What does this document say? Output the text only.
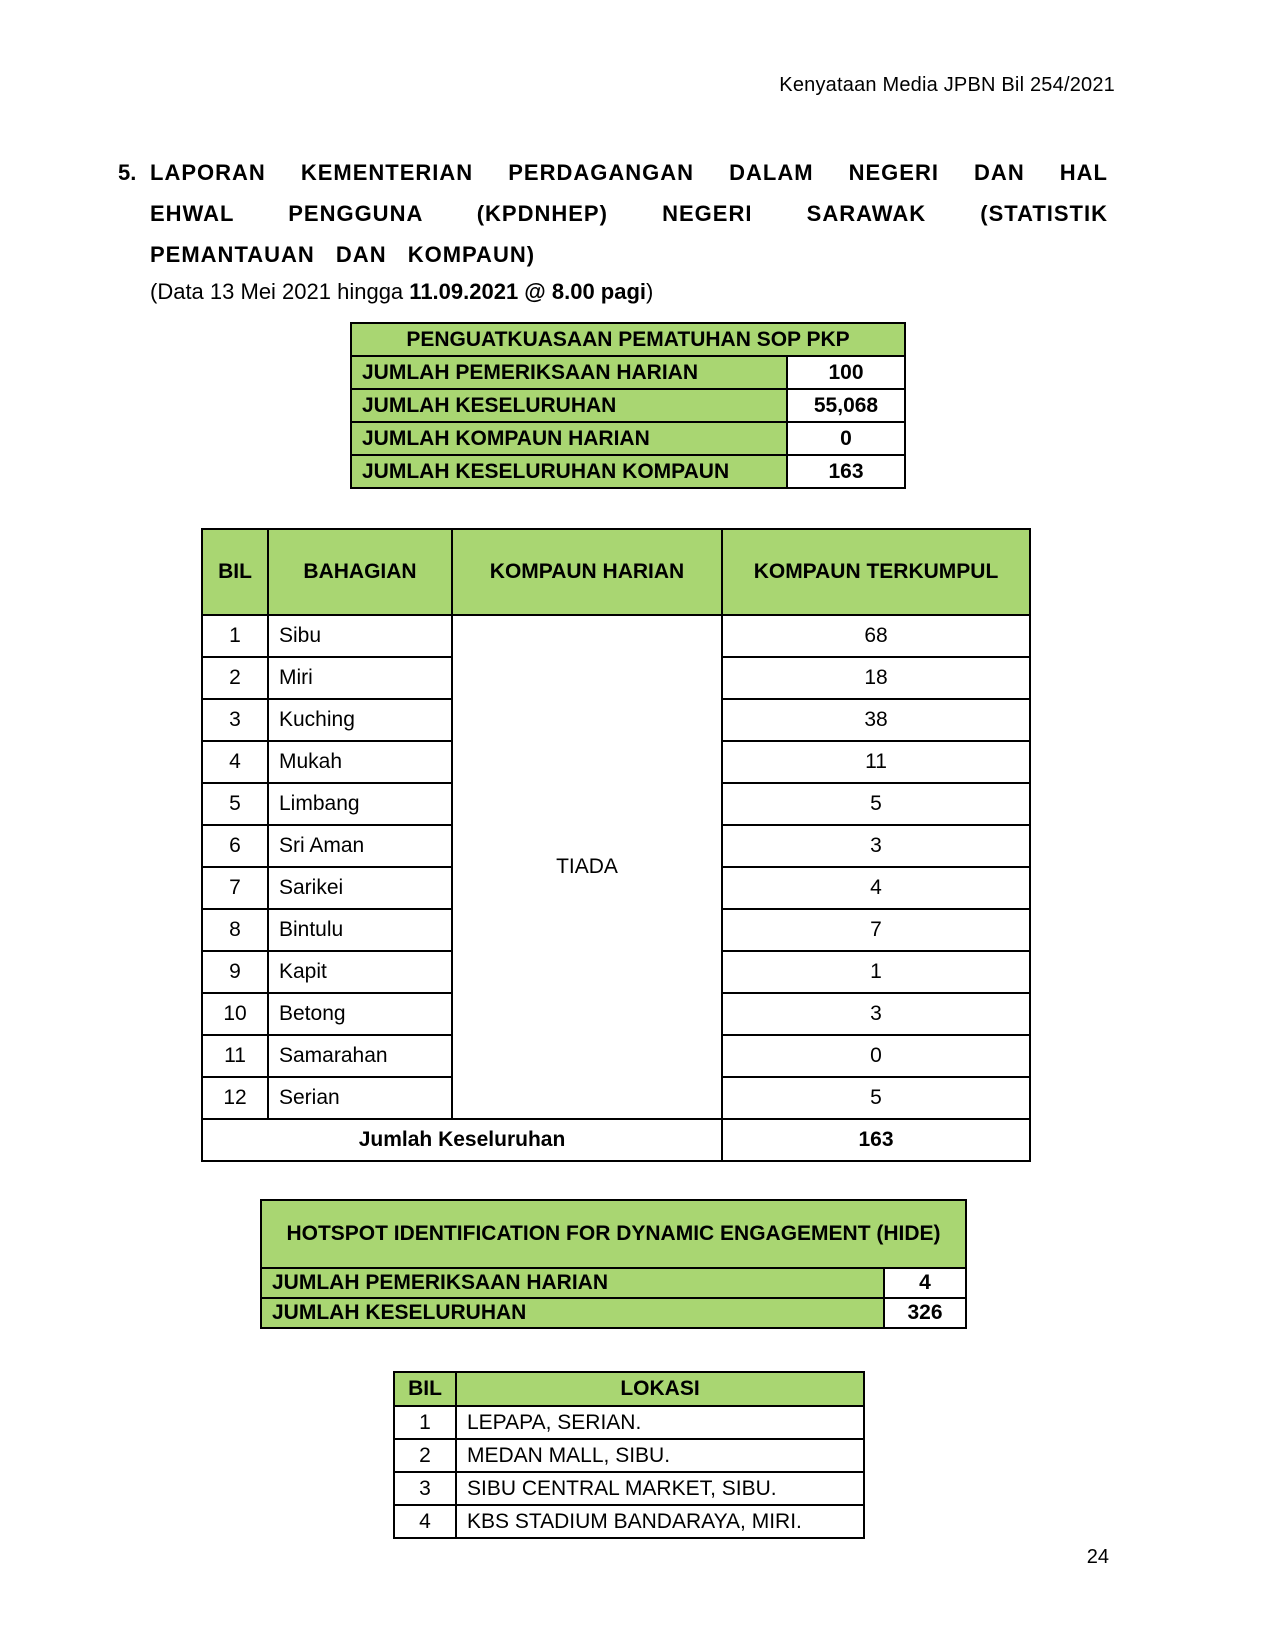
Kenyataan Media JPBN Bil 254/2021
5. LAPORAN KEMENTERIAN PERDAGANGAN DALAM NEGERI DAN HAL EHWAL PENGGUNA (KPDNHEP) NEGERI SARAWAK (STATISTIK PEMANTAUAN DAN KOMPAUN)
(Data 13 Mei 2021 hingga 11.09.2021 @ 8.00 pagi)
PENGUATKUASAAN PEMATUHAN SOP PKP	
JUMLAH PEMERIKSAAN HARIAN	100
JUMLAH KESELURUHAN	55,068
JUMLAH KOMPAUN HARIAN	0
JUMLAH KESELURUHAN KOMPAUN	163
BIL	BAHAGIAN	KOMPAUN HARIAN	KOMPAUN TERKUMPUL
1	Sibu	TIADA	68
2	Miri		18
3	Kuching		38
4	Mukah		11
5	Limbang		5
6	Sri Aman		3
7	Sarikei		4
8	Bintulu		7
9	Kapit		1
10	Betong		3
11	Samarahan		0
12	Serian		5
Jumlah Keseluruhan			163
HOTSPOT IDENTIFICATION FOR DYNAMIC ENGAGEMENT (HIDE)	
JUMLAH PEMERIKSAAN HARIAN	4
JUMLAH KESELURUHAN	326
BIL	LOKASI
1	LEPAPA, SERIAN.
2	MEDAN MALL, SIBU.
3	SIBU CENTRAL MARKET, SIBU.
4	KBS STADIUM BANDARAYA, MIRI.
24
